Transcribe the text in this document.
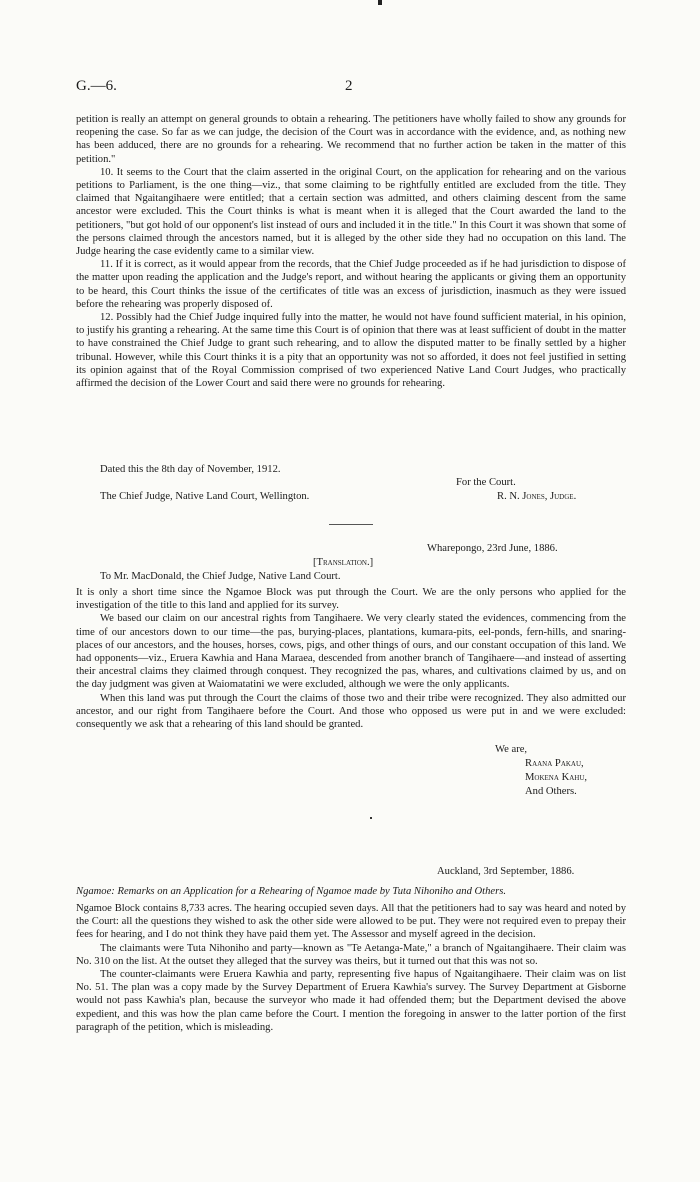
G.—6.	2

petition is really an attempt on general grounds to obtain a rehearing. The petitioners have wholly failed to show any grounds for reopening the case. So far as we can judge, the decision of the Court was in accordance with the evidence, and, as nothing new has been adduced, there are no grounds for a rehearing. We recommend that no further action be taken in the matter of this petition."

10. It seems to the Court that the claim asserted in the original Court, on the application for rehearing and on the various petitions to Parliament, is the one thing—viz., that some claiming to be rightfully entitled are excluded from the title. They claimed that Ngaitangihaere were entitled; that a certain section was admitted, and others claiming descent from the same ancestor were excluded. This the Court thinks is what is meant when it is alleged that the Court awarded the land to the petitioners, "but got hold of our opponent's list instead of ours and included it in the title." In this Court it was shown that some of the persons claimed through the ancestors named, but it is alleged by the other side they had no occupation on this land. The Judge hearing the case evidently came to a similar view.

11. If it is correct, as it would appear from the records, that the Chief Judge proceeded as if he had jurisdiction to dispose of the matter upon reading the application and the Judge's report, and without hearing the applicants or giving them an opportunity to be heard, this Court thinks the issue of the certificates of title was an excess of jurisdiction, inasmuch as they were issued before the rehearing was properly disposed of.

12. Possibly had the Chief Judge inquired fully into the matter, he would not have found sufficient material, in his opinion, to justify his granting a rehearing. At the same time this Court is of opinion that there was at least sufficient of doubt in the matter to have constrained the Chief Judge to grant such rehearing, and to allow the disputed matter to be finally settled by a higher tribunal. However, while this Court thinks it is a pity that an opportunity was not so afforded, it does not feel justified in setting its opinion against that of the Royal Commission comprised of two experienced Native Land Court Judges, who practically affirmed the decision of the Lower Court and said there were no grounds for rehearing.

Dated this the 8th day of November, 1912.
For the Court.
The Chief Judge, Native Land Court, Wellington.	R. N. Jones, Judge.
Wharepongo, 23rd June, 1886.
[Translation.]
To Mr. MacDonald, the Chief Judge, Native Land Court.

It is only a short time since the Ngamoe Block was put through the Court. We are the only persons who applied for the investigation of the title to this land and applied for its survey.

We based our claim on our ancestral rights from Tangihaere. We very clearly stated the evidences, commencing from the time of our ancestors down to our time—the pas, burying-places, plantations, kumara-pits, eel-ponds, fern-hills, and snaring-places of our ancestors, and the houses, horses, cows, pigs, and other things of ours, and our constant occupation of this land. We had opponents—viz., Eruera Kawhia and Hana Maraea, descended from another branch of Tangihaere—and instead of asserting their ancestral claims they claimed through conquest. They recognized the pas, whares, and cultivations claimed by us, and on the day judgment was given at Waiomatatini we were excluded, although we were the only applicants.

When this land was put through the Court the claims of those two and their tribe were recognized. They also admitted our ancestor, and our right from Tangihaere before the Court. And those who opposed us were put in and we were excluded: consequently we ask that a rehearing of this land should be granted.

We are,
Raana Pakau,
Mokena Kahu,
And Others.
Auckland, 3rd September, 1886.
Ngamoe: Remarks on an Application for a Rehearing of Ngamoe made by Tuta Nihoniho and Others.

Ngamoe Block contains 8,733 acres. The hearing occupied seven days. All that the petitioners had to say was heard and noted by the Court: all the questions they wished to ask the other side were allowed to be put. They were not required even to prepay their fees for hearing, and I do not think they have paid them yet. The Assessor and myself agreed in the decision.

The claimants were Tuta Nihoniho and party—known as "Te Aetanga-Mate," a branch of Ngaitangihaere. Their claim was No. 310 on the list. At the outset they alleged that the survey was theirs, but it turned out that this was not so.

The counter-claimants were Eruera Kawhia and party, representing five hapus of Ngaitangihaere. Their claim was on list No. 51. The plan was a copy made by the Survey Department of Eruera Kawhia's survey. The Survey Department at Gisborne would not pass Kawhia's plan, because the surveyor who made it had offended them; but the Department devised the above expedient, and this was how the plan came before the Court. I mention the foregoing in answer to the latter portion of the first paragraph of the petition, which is misleading.
